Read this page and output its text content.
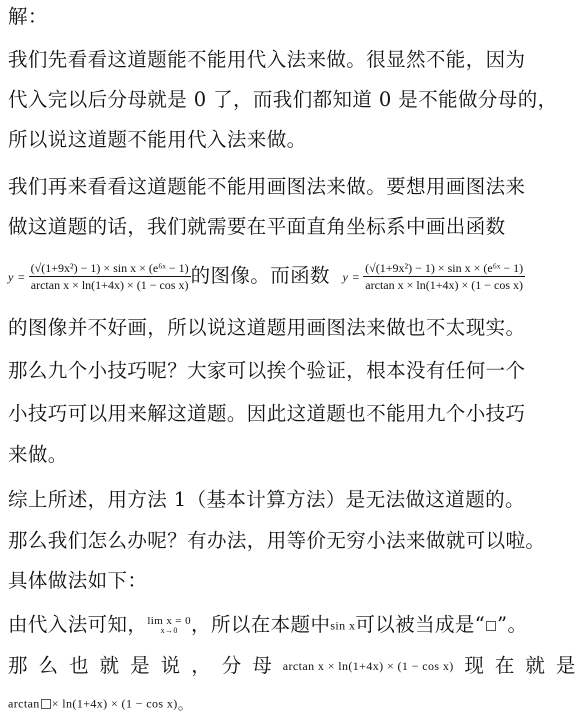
解：
我们先看看这道题能不能用代入法来做。很显然不能，因为
代入完以后分母就是 0 了，而我们都知道 0 是不能做分母的，
所以说这道题不能用代入法来做。
我们再来看看这道题能不能用画图法来做。要想用画图法来
做这道题的话，我们就需要在平面直角坐标系中画出函数
$y = \frac{\text{(√(1+9x²) − 1) × sin x × (e⁶ˣ − 1)}}{\text{arctan x × ln(1+4x) × (1 − cos x)}}$ 的图像。而函数 $y = \frac{\text{(√(1+9x²) − 1) × sin x × (e⁶ˣ − 1)}}{\text{arctan x × ln(1+4x) × (1 − cos x)}}$
的图像并不好画，所以说这道题用画图法来做也不太现实。
那么九个小技巧呢？大家可以挨个验证，根本没有任何一个
小技巧可以用来解这道题。因此这道题也不能用九个小技巧
来做。
综上所述，用方法 1（基本计算方法）是无法做这道题的。
那么我们怎么办呢？有办法，用等价无穷小法来做就可以啦。
具体做法如下：
由代入法可知， lim x = 0
x→0 ，所以在本题中sin x可以被当成是“ ”。
那 么 也 就 是 说 ， 分 母 arctan x × ln(1+4x) × (1 − cos x) 现 在 就 是
arctan × ln(1+4x) × (1 − cos x)。
